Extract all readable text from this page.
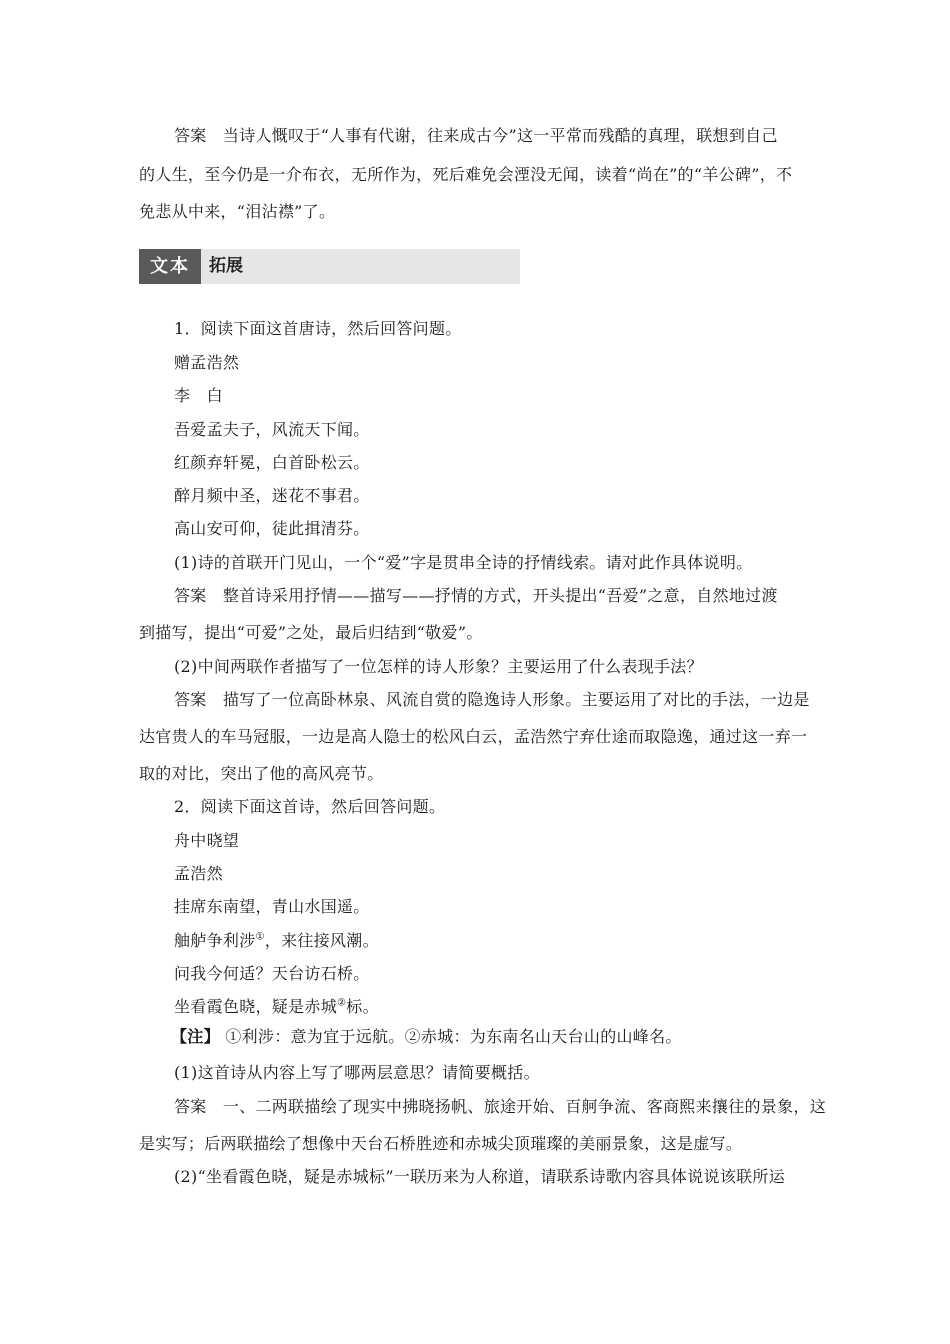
答案　当诗人慨叹于“人事有代谢，往来成古今”这一平常而残酷的真理，联想到自己
的人生，至今仍是一介布衣，无所作为，死后难免会湮没无闻，读着“尚在”的“羊公碑”，不
免悲从中来，“泪沾襟”了。
文本	拓展
1．阅读下面这首唐诗，然后回答问题。
赠孟浩然
李　白
吾爱孟夫子，风流天下闻。
红颜弃轩冕，白首卧松云。
醉月频中圣，迷花不事君。
高山安可仰，徒此揖清芬。
(1)诗的首联开门见山，一个“爱”字是贯串全诗的抒情线索。请对此作具体说明。
答案　整首诗采用抒情——描写——抒情的方式，开头提出“吾爱”之意，自然地过渡
到描写，提出“可爱”之处，最后归结到“敬爱”。
(2)中间两联作者描写了一位怎样的诗人形象？主要运用了什么表现手法？
答案　描写了一位高卧林泉、风流自赏的隐逸诗人形象。主要运用了对比的手法，一边是
达官贵人的车马冠服，一边是高人隐士的松风白云，孟浩然宁弃仕途而取隐逸，通过这一弃一
取的对比，突出了他的高风亮节。
2．阅读下面这首诗，然后回答问题。
舟中晓望
孟浩然
挂席东南望，青山水国遥。
舳舻争利涉①，来往接风潮。
问我今何适？天台访石桥。
坐看霞色晓，疑是赤城②标。
【注】 ①利涉：意为宜于远航。②赤城：为东南名山天台山的山峰名。
(1)这首诗从内容上写了哪两层意思？请简要概括。
答案　一、二两联描绘了现实中拂晓扬帆、旅途开始、百舸争流、客商熙来攘往的景象，这
是实写；后两联描绘了想像中天台石桥胜迹和赤城尖顶璀璨的美丽景象，这是虚写。
(2)“坐看霞色晓，疑是赤城标”一联历来为人称道，请联系诗歌内容具体说说该联所运
